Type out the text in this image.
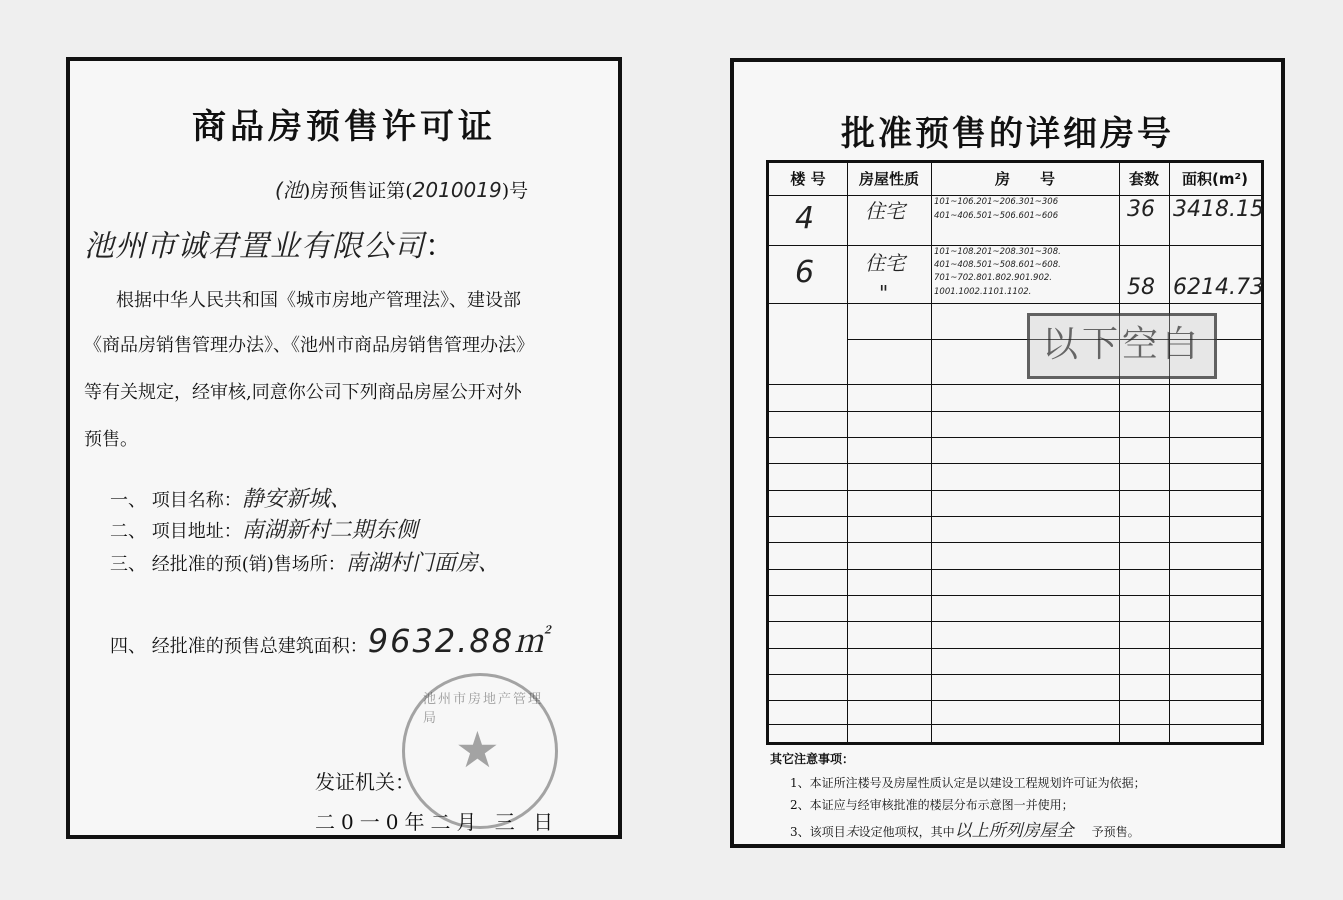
商品房预售许可证
(池)房预售证第(2010019)号
池州市诚君置业有限公司：
根据中华人民共和国《城市房地产管理法》、建设部
《商品房销售管理办法》、《池州市商品房销售管理办法》
等有关规定，经审核,同意你公司下列商品房屋公开对外
预售。
一、 项目名称：静安新城、
二、 项目地址：南湖新村二期东侧
三、 经批准的预(销)售场所：南湖村门面房、
四、 经批准的预售总建筑面积：9632.88㎡
池州市房地产管理局
★
发证机关：
二0一0年二月 三 日
批准预售的详细房号
楼 号	房屋性质	房　　号	套数	面积(m²)
4	住宅	101~106.201~206.301~306
401~406.501~506.601~606	36 3418.15
6	住宅
"
101~108.201~208.301~308.
401~408.501~508.601~608.
701~702.801.802.901.902.
1001.1002.1101.1102.	58 6214.73
以下空白
其它注意事项：
1、本证所注楼号及房屋性质认定是以建设工程规划许可证为依据；
2、本证应与经审核批准的楼层分布示意图一并使用；
3、该项目未设定他项权，其中以上所列房屋全 予预售。
